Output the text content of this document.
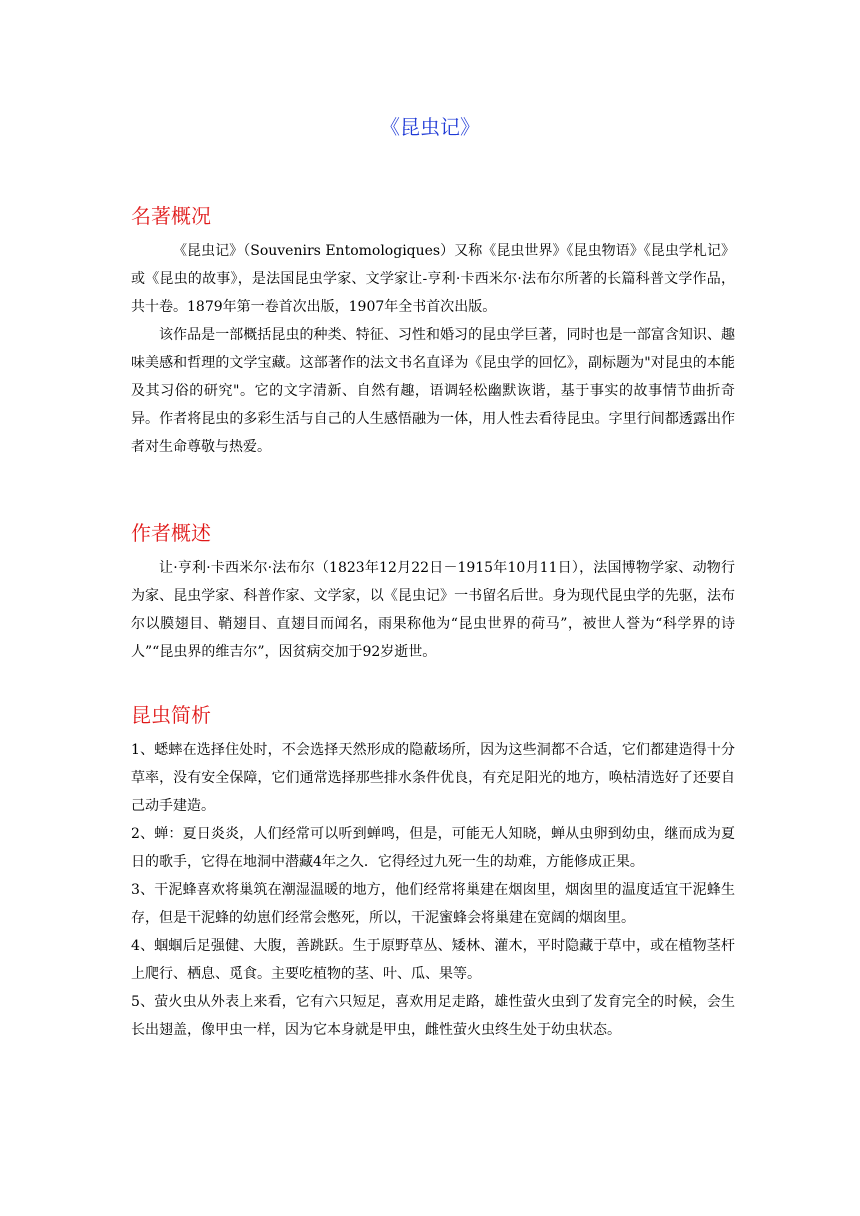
《昆虫记》
名著概况

《昆虫记》（Souvenirs Entomologiques）又称《昆虫世界》《昆虫物语》《昆虫学札记》或《昆虫的故事》，是法国昆虫学家、文学家让-亨利·卡西米尔·法布尔所著的长篇科普文学作品，共十卷。1879年第一卷首次出版，1907年全书首次出版。

该作品是一部概括昆虫的种类、特征、习性和婚习的昆虫学巨著，同时也是一部富含知识、趣味美感和哲理的文学宝藏。这部著作的法文书名直译为《昆虫学的回忆》，副标题为"对昆虫的本能及其习俗的研究"。它的文字清新、自然有趣，语调轻松幽默诙谐，基于事实的故事情节曲折奇异。作者将昆虫的多彩生活与自己的人生感悟融为一体，用人性去看待昆虫。字里行间都透露出作者对生命尊敬与热爱。

作者概述

让·亨利·卡西米尔·法布尔（1823年12月22日－1915年10月11日），法国博物学家、动物行为家、昆虫学家、科普作家、文学家，以《昆虫记》一书留名后世。身为现代昆虫学的先驱，法布尔以膜翅目、鞘翅目、直翅目而闻名，雨果称他为“昆虫世界的荷马”，被世人誉为“科学界的诗人”“昆虫界的维吉尔”，因贫病交加于92岁逝世。

昆虫简析

1、蟋蟀在选择住处时，不会选择天然形成的隐蔽场所，因为这些洞都不合适，它们都建造得十分草率，没有安全保障，它们通常选择那些排水条件优良，有充足阳光的地方，唤枯清选好了还要自己动手建造。

2、蝉：夏日炎炎，人们经常可以听到蝉鸣，但是，可能无人知晓，蝉从虫卵到幼虫，继而成为夏日的歌手，它得在地洞中潜藏4年之久．它得经过九死一生的劫难，方能修成正果。

3、干泥蜂喜欢将巢筑在潮湿温暖的地方，他们经常将巢建在烟囱里，烟囱里的温度适宜干泥蜂生存，但是干泥蜂的幼崽们经常会憋死，所以，干泥蜜蜂会将巢建在宽阔的烟囱里。

4、蝈蝈后足强健、大腹，善跳跃。生于原野草丛、矮林、灌木，平时隐藏于草中，或在植物茎杆上爬行、栖息、觅食。主要吃植物的茎、叶、瓜、果等。

5、萤火虫从外表上来看，它有六只短足，喜欢用足走路，雄性萤火虫到了发育完全的时候，会生长出翅盖，像甲虫一样，因为它本身就是甲虫，雌性萤火虫终生处于幼虫状态。
